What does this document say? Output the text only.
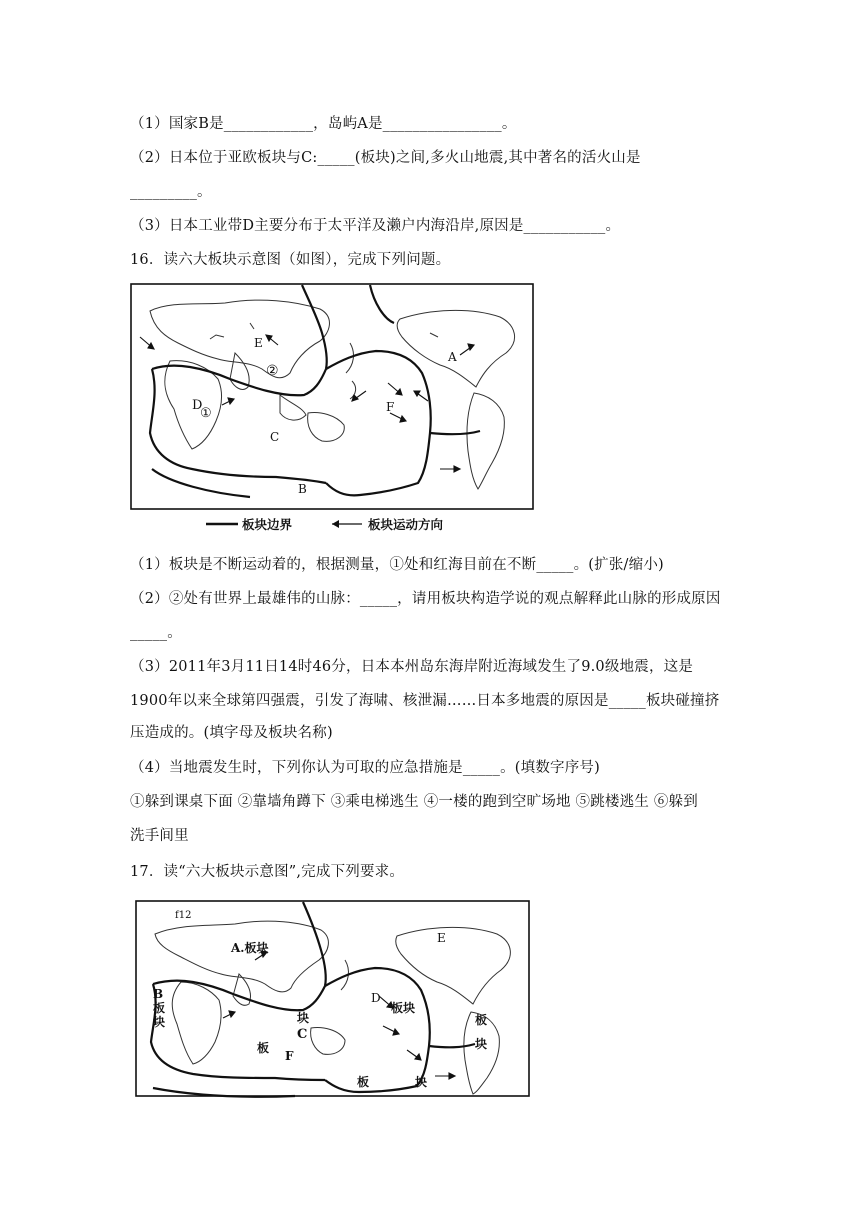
（1）国家B是____________，岛屿A是________________。
（2）日本位于亚欧板块与C:_____(板块)之间,多火山地震,其中著名的活火山是
_________。
（3）日本工业带D主要分布于太平洋及濑户内海沿岸,原因是___________。
16．读六大板块示意图（如图），完成下列问题。
E
A
②
D
①
C
F
B
板块边界	板块运动方向
（1）板块是不断运动着的，根据测量，①处和红海目前在不断_____。(扩张/缩小)
（2）②处有世界上最雄伟的山脉：_____，请用板块构造学说的观点解释此山脉的形成原因
_____。
（3）2011年3月11日14时46分，日本本州岛东海岸附近海域发生了9.0级地震，这是
1900年以来全球第四强震，引发了海啸、核泄漏……日本多地震的原因是_____板块碰撞挤
压造成的。(填字母及板块名称)
（4）当地震发生时，下列你认为可取的应急措施是_____。(填数字序号)
①躲到课桌下面 ②靠墙角蹲下 ③乘电梯逃生 ④一楼的跑到空旷场地 ⑤跳楼逃生 ⑥躲到
洗手间里
17．读“六大板块示意图”,完成下列要求。
f12
A.板块
E
B
板
块
板
块
C
D
板块
板
块
F
板	块
